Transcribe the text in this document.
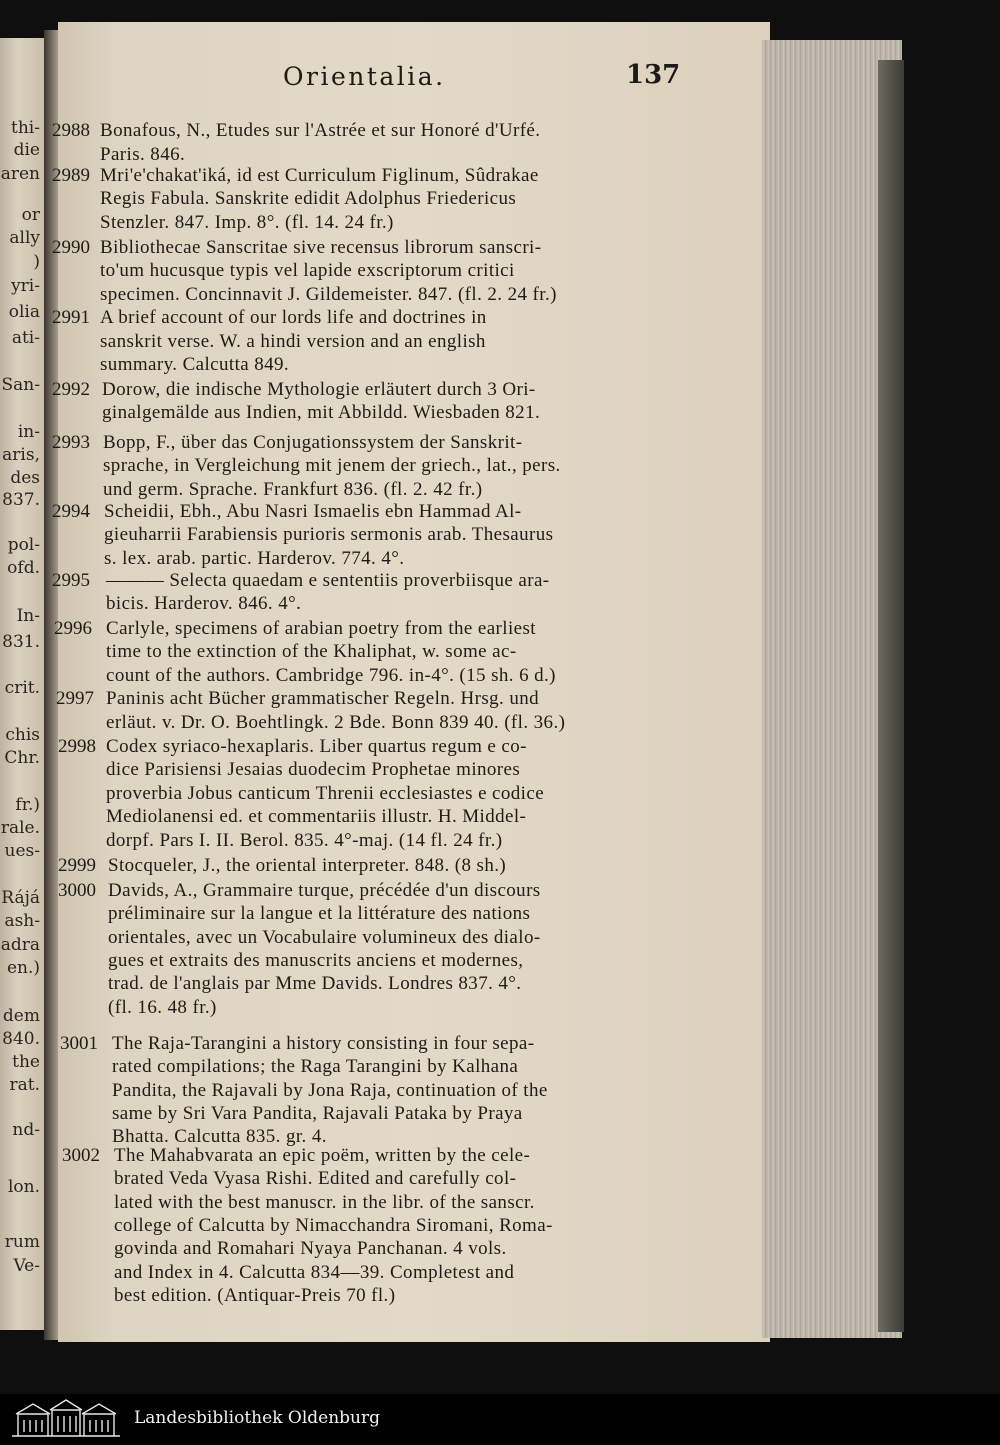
thi-
die
aren
or
ally
)
yri-
olia
ati-
San-
in-
aris,
des
837.
pol-
ofd.
In-
831.
crit.
chis
Chr.
fr.)
rale.
ues-
Rájá
ash-
adra
en.)
dem
840.
the
rat.
nd-
lon.
rum
Ve-
Orientalia.	137
2988 Bonafous, N., Etudes sur l'Astrée et sur Honoré d'Urfé.
Paris. 846.
2989 Mri'e'chakat'iká, id est Curriculum Figlinum, Sûdrakae
Regis Fabula. Sanskrite edidit Adolphus Friedericus
Stenzler. 847. Imp. 8°. (fl. 14. 24 fr.)
2990 Bibliothecae Sanscritae sive recensus librorum sanscri-
to'um hucusque typis vel lapide exscriptorum critici
specimen. Concinnavit J. Gildemeister. 847. (fl. 2. 24 fr.)
2991 A brief account of our lords life and doctrines in
sanskrit verse. W. a hindi version and an english
summary. Calcutta 849.
2992 Dorow, die indische Mythologie erläutert durch 3 Ori-
ginalgemälde aus Indien, mit Abbildd. Wiesbaden 821.
2993 Bopp, F., über das Conjugationssystem der Sanskrit-
sprache, in Vergleichung mit jenem der griech., lat., pers.
und germ. Sprache. Frankfurt 836. (fl. 2. 42 fr.)
2994 Scheidii, Ebh., Abu Nasri Ismaelis ebn Hammad Al-
gieuharrii Farabiensis purioris sermonis arab. Thesaurus
s. lex. arab. partic. Harderov. 774. 4°.
2995 ——— Selecta quaedam e sententiis proverbiisque ara-
bicis. Harderov. 846. 4°.
2996 Carlyle, specimens of arabian poetry from the earliest
time to the extinction of the Khaliphat, w. some ac-
count of the authors. Cambridge 796. in-4°. (15 sh. 6 d.)
2997 Paninis acht Bücher grammatischer Regeln. Hrsg. und
erläut. v. Dr. O. Boehtlingk. 2 Bde. Bonn 839 40. (fl. 36.)
2998 Codex syriaco-hexaplaris. Liber quartus regum e co-
dice Parisiensi Jesaias duodecim Prophetae minores
proverbia Jobus canticum Threnii ecclesiastes e codice
Mediolanensi ed. et commentariis illustr. H. Middel-
dorpf. Pars I. II. Berol. 835. 4°-maj. (14 fl. 24 fr.)
2999 Stocqueler, J., the oriental interpreter. 848. (8 sh.)
3000 Davids, A., Grammaire turque, précédée d'un discours
préliminaire sur la langue et la littérature des nations
orientales, avec un Vocabulaire volumineux des dialo-
gues et extraits des manuscrits anciens et modernes,
trad. de l'anglais par Mme Davids. Londres 837. 4°.
(fl. 16. 48 fr.)
3001 The Raja-Tarangini a history consisting in four sepa-
rated compilations; the Raga Tarangini by Kalhana
Pandita, the Rajavali by Jona Raja, continuation of the
same by Sri Vara Pandita, Rajavali Pataka by Praya
Bhatta. Calcutta 835. gr. 4.
3002 The Mahabvarata an epic poëm, written by the cele-
brated Veda Vyasa Rishi. Edited and carefully col-
lated with the best manuscr. in the libr. of the sanscr.
college of Calcutta by Nimacchandra Siromani, Roma-
govinda and Romahari Nyaya Panchanan. 4 vols.
and Index in 4. Calcutta 834—39. Completest and
best edition. (Antiquar-Preis 70 fl.)
Landesbibliothek Oldenburg
